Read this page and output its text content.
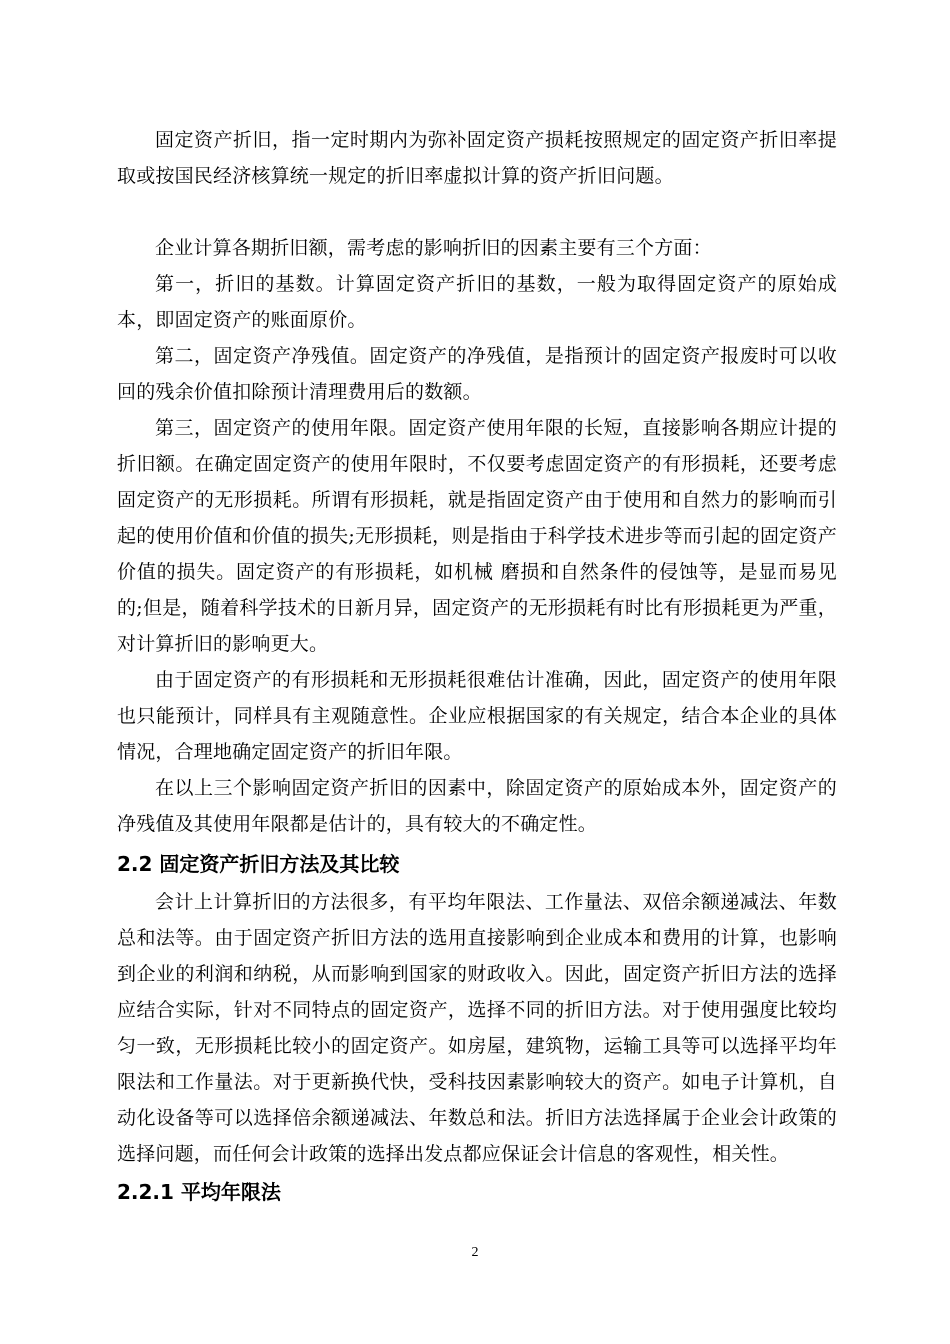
固定资产折旧，指一定时期内为弥补固定资产损耗按照规定的固定资产折旧率提取或按国民经济核算统一规定的折旧率虚拟计算的资产折旧问题。

企业计算各期折旧额，需考虑的影响折旧的因素主要有三个方面：

第一，折旧的基数。计算固定资产折旧的基数，一般为取得固定资产的原始成本，即固定资产的账面原价。

第二，固定资产净残值。固定资产的净残值，是指预计的固定资产报废时可以收回的残余价值扣除预计清理费用后的数额。

第三，固定资产的使用年限。固定资产使用年限的长短，直接影响各期应计提的折旧额。在确定固定资产的使用年限时，不仅要考虑固定资产的有形损耗，还要考虑固定资产的无形损耗。所谓有形损耗，就是指固定资产由于使用和自然力的影响而引起的使用价值和价值的损失;无形损耗，则是指由于科学技术进步等而引起的固定资产价值的损失。固定资产的有形损耗，如机械 磨损和自然条件的侵蚀等，是显而易见的;但是，随着科学技术的日新月异，固定资产的无形损耗有时比有形损耗更为严重，对计算折旧的影响更大。

由于固定资产的有形损耗和无形损耗很难估计准确，因此，固定资产的使用年限也只能预计，同样具有主观随意性。企业应根据国家的有关规定，结合本企业的具体情况，合理地确定固定资产的折旧年限。

在以上三个影响固定资产折旧的因素中，除固定资产的原始成本外，固定资产的净残值及其使用年限都是估计的，具有较大的不确定性。

2.2 固定资产折旧方法及其比较

会计上计算折旧的方法很多，有平均年限法、工作量法、双倍余额递减法、年数总和法等。由于固定资产折旧方法的选用直接影响到企业成本和费用的计算，也影响到企业的利润和纳税，从而影响到国家的财政收入。因此，固定资产折旧方法的选择应结合实际，针对不同特点的固定资产，选择不同的折旧方法。对于使用强度比较均匀一致，无形损耗比较小的固定资产。如房屋，建筑物，运输工具等可以选择平均年限法和工作量法。对于更新换代快，受科技因素影响较大的资产。如电子计算机，自动化设备等可以选择倍余额递减法、年数总和法。折旧方法选择属于企业会计政策的选择问题，而任何会计政策的选择出发点都应保证会计信息的客观性，相关性。

2.2.1 平均年限法
2
